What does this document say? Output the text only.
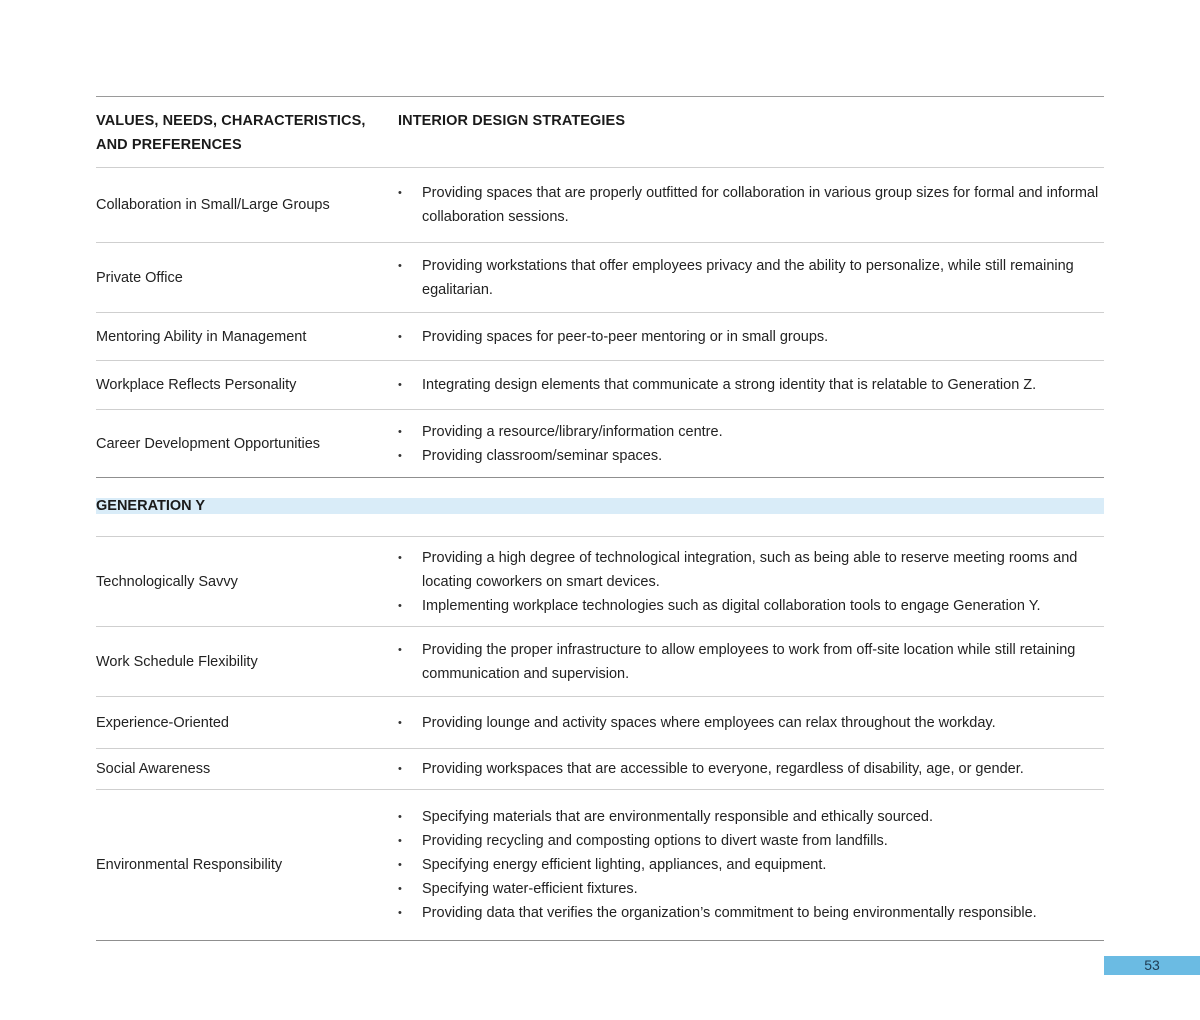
VALUES, NEEDS, CHARACTERISTICS,
AND PREFERENCES
INTERIOR DESIGN STRATEGIES
Collaboration in Small/Large Groups
• Providing spaces that are properly outfitted for collaboration in various group sizes for formal and informal collaboration sessions.
Private Office
• Providing workstations that offer employees privacy and the ability to personalize, while still remaining egalitarian.
Mentoring Ability in Management	• Providing spaces for peer-to-peer mentoring or in small groups.
Workplace Reflects Personality	• Integrating design elements that communicate a strong identity that is relatable to Generation Z.
Career Development Opportunities
• Providing a resource/library/information centre.
• Providing classroom/seminar spaces.
GENERATION Y
Technologically Savvy
• Providing a high degree of technological integration, such as being able to reserve meeting rooms and locating coworkers on smart devices.
• Implementing workplace technologies such as digital collaboration tools to engage Generation Y.
Work Schedule Flexibility
• Providing the proper infrastructure to allow employees to work from off-site location while still retaining communication and supervision.
Experience-Oriented	• Providing lounge and activity spaces where employees can relax throughout the workday.
Social Awareness	• Providing workspaces that are accessible to everyone, regardless of disability, age, or gender.
Environmental Responsibility
• Specifying materials that are environmentally responsible and ethically sourced.
• Providing recycling and composting options to divert waste from landfills.
• Specifying energy efficient lighting, appliances, and equipment.
• Specifying water-efficient fixtures.
• Providing data that verifies the organization’s commitment to being environmentally responsible.
53
